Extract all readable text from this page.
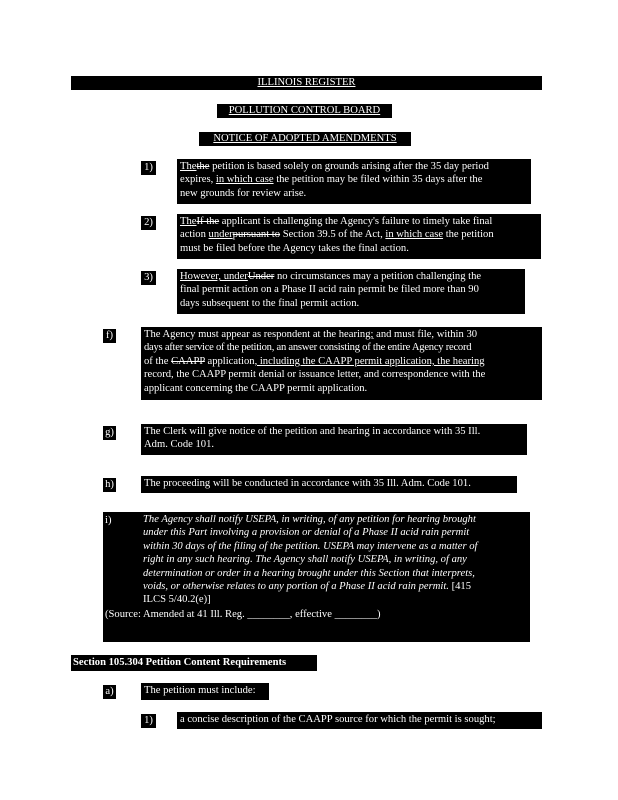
ILLINOIS REGISTER
POLLUTION CONTROL BOARD
NOTICE OF ADOPTED AMENDMENTS
1)	Thethe petition is based solely on grounds arising after the 35 day period
expires, in which case the petition may be filed within 35 days after the
new grounds for review arise.
2)	TheIf the applicant is challenging the Agency's failure to timely take final
action underpursuant to Section 39.5 of the Act, in which case the petition
must be filed before the Agency takes the final action.
3)	However, underUnder no circumstances may a petition challenging the
final permit action on a Phase II acid rain permit be filed more than 90
days subsequent to the final permit action.
f)	The Agency must appear as respondent at the hearing; and must file, within 30
days after service of the petition, an answer consisting of the entire Agency record
of the CAAPP application, including the CAAPP permit application, the hearing
record, the CAAPP permit denial or issuance letter, and correspondence with the
applicant concerning the CAAPP permit application.
g)	The Clerk will give notice of the petition and hearing in accordance with 35 Ill.
Adm. Code 101.
h)	The proceeding will be conducted in accordance with 35 Ill. Adm. Code 101.
i)	The Agency shall notify USEPA, in writing, of any petition for hearing brought
under this Part involving a provision or denial of a Phase II acid rain permit
within 30 days of the filing of the petition. USEPA may intervene as a matter of
right in any such hearing. The Agency shall notify USEPA, in writing, of any
determination or order in a hearing brought under this Section that interprets,
voids, or otherwise relates to any portion of a Phase II acid rain permit. [415
ILCS 5/40.2(e)]
(Source: Amended at 41 Ill. Reg. ________, effective ________)
Section 105.304 Petition Content Requirements
a)	The petition must include:
1)	a concise description of the CAAPP source for which the permit is sought;
